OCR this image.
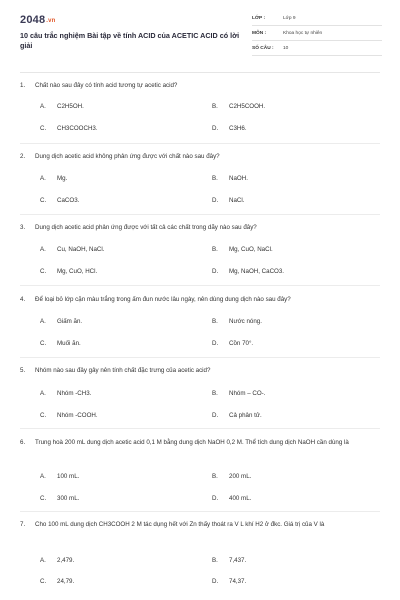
2048.vn
10 câu trắc nghiệm Bài tập về tính ACID của ACETIC ACID có lời giải
LỚP :	Lớp 9
MÔN :	Khoa học tự nhiên
SỐ CÂU : 10
1. Chất nào sau đây có tính acid tương tự acetic acid?
A. C2H5OH.	B. C2H5COOH.
C. CH3COOCH3.	D. C3H6.
2. Dung dịch acetic acid không phản ứng được với chất nào sau đây?
A. Mg.	B. NaOH.
C. CaCO3.	D. NaCl.
3. Dung dịch acetic acid phản ứng được với tất cả các chất trong dãy nào sau đây?
A. Cu, NaOH, NaCl.	B. Mg, CuO, NaCl.
C. Mg, CuO, HCl.	D. Mg, NaOH, CaCO3.
4. Để loại bỏ lớp cặn màu trắng trong ấm đun nước lâu ngày, nên dùng dung dịch nào sau đây?
A. Giấm ăn.	B. Nước nóng.
C. Muối ăn.	D. Cồn 70°.
5. Nhóm nào sau đây gây nên tính chất đặc trưng của acetic acid?
A. Nhóm -CH3.	B. Nhóm – CO-.
C. Nhóm -COOH.	D. Cả phân tử.
6. Trung hoà 200 mL dung dịch acetic acid 0,1 M bằng dung dịch NaOH 0,2 M. Thể tích dung dịch NaOH cần dùng là
A. 100 mL.	B. 200 mL.
C. 300 mL.	D. 400 mL.
7. Cho 100 mL dung dịch CH3COOH 2 M tác dụng hết với Zn thấy thoát ra V L khí H2 ở đkc. Giá trị của V là
A. 2,479.	B. 7,437.
C. 24,79.	D. 74,37.
